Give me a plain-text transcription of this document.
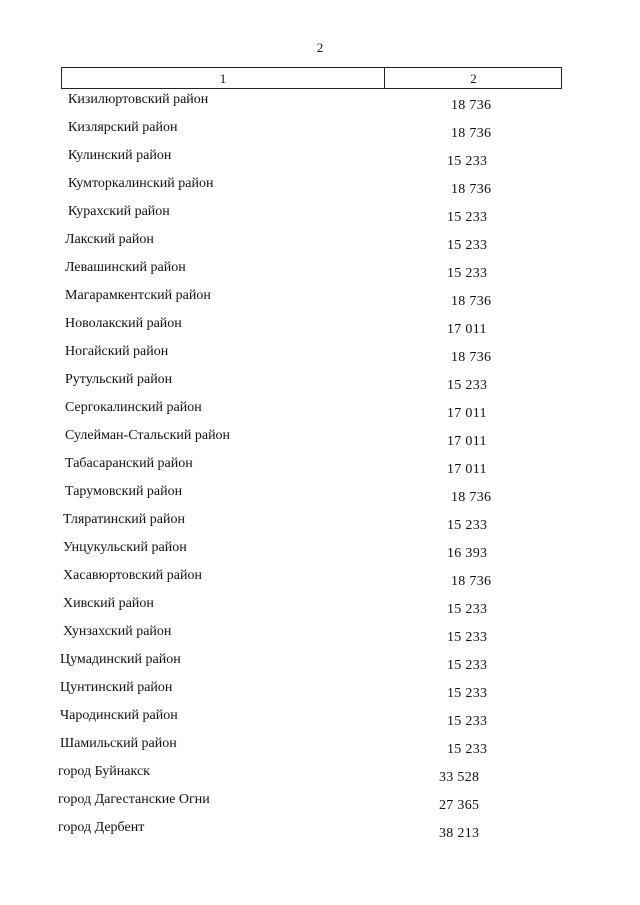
2
1	2
Кизилюртовский район	18 736
Кизлярский район	18 736
Кулинский район	15 233
Кумторкалинский район	18 736
Курахский район	15 233
Лакский район	15 233
Левашинский район	15 233
Магарамкентский район	18 736
Новолакский район	17 011
Ногайский район	18 736
Рутульский район	15 233
Сергокалинский район	17 011
Сулейман-Стальский район	17 011
Табасаранский район	17 011
Тарумовский район	18 736
Тляратинский район	15 233
Унцукульский район	16 393
Хасавюртовский район	18 736
Хивский район	15 233
Хунзахский район	15 233
Цумадинский район	15 233
Цунтинский район	15 233
Чародинский район	15 233
Шамильский район	15 233
город Буйнакск	33 528
город Дагестанские Огни	27 365
город Дербент	38 213
